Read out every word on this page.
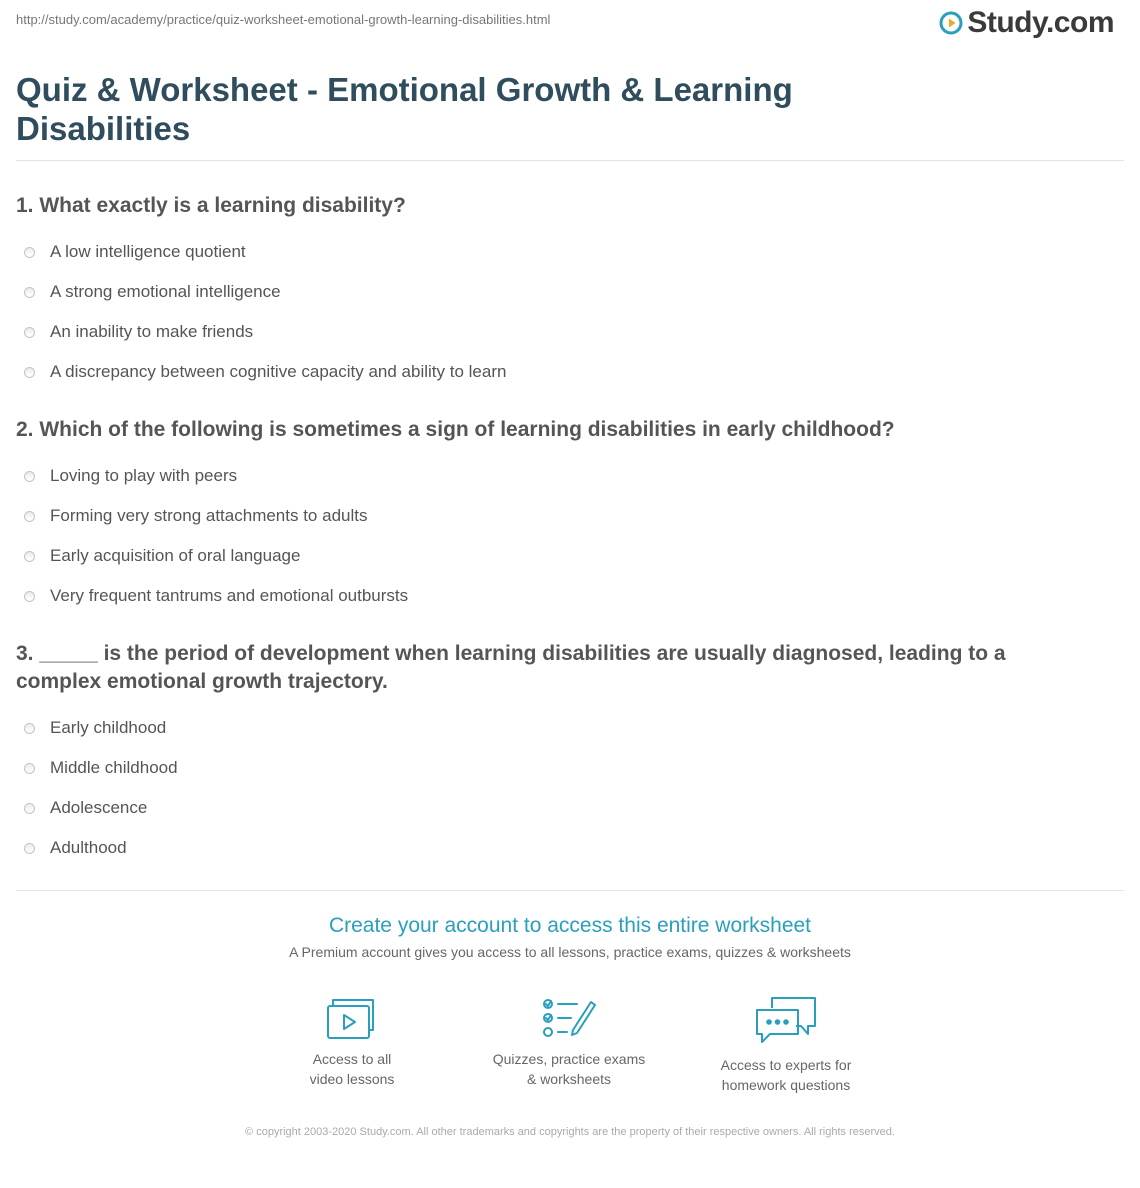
http://study.com/academy/practice/quiz-worksheet-emotional-growth-learning-disabilities.html	Study.com
Quiz & Worksheet - Emotional Growth & Learning Disabilities

1. What exactly is a learning disability?

A low intelligence quotient
A strong emotional intelligence
An inability to make friends
A discrepancy between cognitive capacity and ability to learn

2. Which of the following is sometimes a sign of learning disabilities in early childhood?

Loving to play with peers
Forming very strong attachments to adults
Early acquisition of oral language
Very frequent tantrums and emotional outbursts

3. _____ is the period of development when learning disabilities are usually diagnosed, leading to a complex emotional growth trajectory.

Early childhood
Middle childhood
Adolescence
Adulthood
Create your account to access this entire worksheet
A Premium account gives you access to all lessons, practice exams, quizzes & worksheets
Access to all
video lessons
Quizzes, practice exams
& worksheets
Access to experts for
homework questions
© copyright 2003-2020 Study.com. All other trademarks and copyrights are the property of their respective owners. All rights reserved.
